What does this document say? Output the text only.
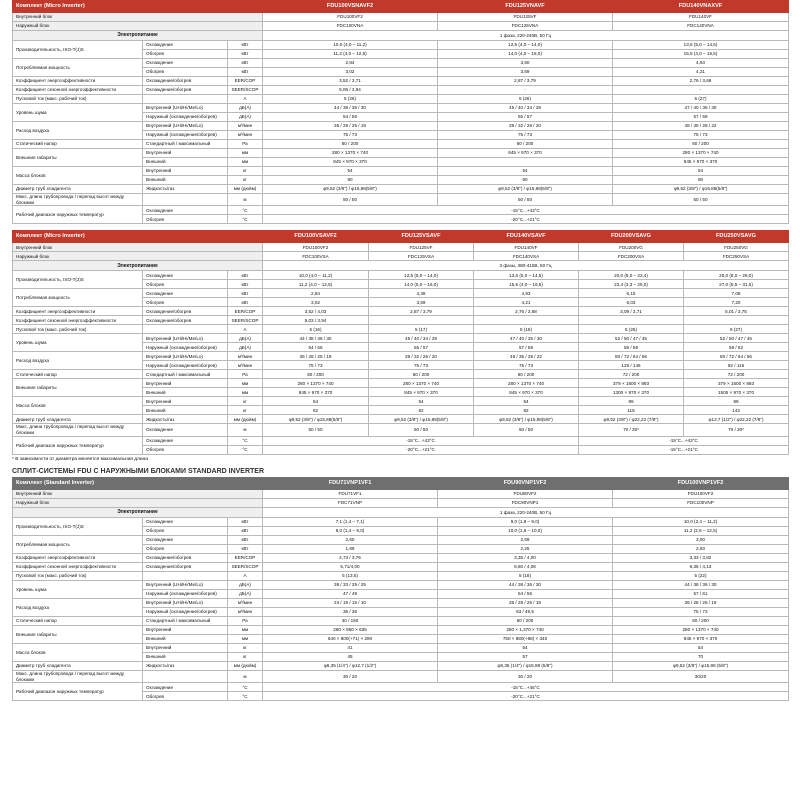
Комплект (Micro Inverter)			FDU100VSNAVF2	FDU125VNAVF	FDU140VNAXVF
Внутренний блок			FDU100VF2	FDU125VF	FDU140VF
Наружный блок			FDC100VNA	FDC125VNA	FDC140VNA
Электропитание			1 фаза, 220-240В, 50 Гц		
Производительность, ISO-T(J)S	Охлаждение	кВт	10,0 (4,0 – 11,2)	12,5 (4,0 – 14,0)	13,6 (5,0 – 14,5)
	Обогрев	кВт	11,2 (4,0 – 12,5)	14,0 (4,0 – 16,0)	15,5 (4,0 – 16,5)
Потребляемая мощность	Охлаждение	кВт	2,84	3,60	4,93
	Обогрев	кВт	3,02	3,69	4,21
Коэффициент энергоэффективности	Охлаждение/обогрев	EER/COP	3,52 / 3,71	2,87 / 3,79	2,76 / 3,68
Коэффициент сезонной энергоэффективности	Охлаждение/обогрев	SEER/SCOP	5,06 / 3,94	-	-
Пусковой ток (макс. рабочий ток)		А	5 (26)	5 (26)	5 (27)
Уровень шума	Внутренний (UHi/Hi/Me/Lo)	дБ(А)	44 / 38 / 36 / 30	45 / 40 / 34 / 29	47 / 40 / 35 / 30
	Наружный (охлаждение/обогрев)	дБ(А)	54 / 56	55 / 57	57 / 59
Расход воздуха	Внутренний (UHi/Hi/Me/Lo)	м³/мин	36 / 28 / 25 / 19	39 / 32 / 26 / 20	48 / 35 / 28 / 22
	Наружный (охлаждение/обогрев)	м³/мин	75 / 73	75 / 73	75 / 73
Статический напор	Стандартный / максимальный	Ра	60 / 200	60 / 200	60 / 200
Внешние габариты	Внутренний	мм	280 × 1370 × 740	845 × 970 × 370	280 × 1370 × 740
	Внешний	мм	845 × 970 × 370		845 × 970 × 370
Масса блоков	Внутренний	кг	54	54	54
	Внешний	кг	80	80	80
Диаметр труб хладагента	Жидкость/газ	мм (дюйм)	φ9,52 (3/8") / φ15,88(5/8")	φ9,52 (3/8") / φ15,88(5/8")	φ9,52 (3/8") / φ15,88(5/8")
Макс. длина трубопровода / перепад высот между блоками		м	50 / 50	50 / 50	50 / 50
Рабочий диапазон наружных температур	Охлаждение	°C	-15°C...+43°C		
	Обогрев	°C	-20°C...+21°C		
Комплект (Micro Inverter)			FDU100VSAVF2	FDU125VSAVF	FDU140VSAVF	FDU200VSAVG	FDU250VSAVG
Внутренний блок			FDU100VF2	FDU125VF	FDU140VF	FDU200VG	FDU250VG
Наружный блок			FDC100VSA	FDC125VSA	FDC140VSA	FDC200VSA	FDC250VSA
Электропитание			3 фазы, 380-415В, 50 Гц				
Производительность, ISO-T(J)S	Охлаждение	кВт	10,0 (4,0 – 11,2)	12,5 (5,0 – 14,0)	13,6 (5,0 – 14,5)	20,0 (8,0 – 22,4)	25,0 (8,0 – 28,0)
	Обогрев	кВт	11,2 (4,0 – 12,5)	14,0 (5,0 – 16,0)	15,5 (4,0 – 16,5)	22,4 (3,3 – 25,0)	27,0 (5,5 – 31,5)
Потребляемая мощность	Охлаждение	кВт	2,84	4,36	4,93	6,15	7,08
	Обогрев	кВт	3,02	3,69	4,21	6,03	7,20
Коэффициент энергоэффективности	Охлаждение/обогрев	EER/COP	3,52 / 4,03	2,87 / 3,79	2,76 / 3,68	3,09 / 3,71	5,01 / 3,75
Коэффициент сезонной энергоэффективности	Охлаждение/обогрев	SEER/SCOP	5,03 / 3,94				
Пусковой ток (макс. рабочий ток)		А	5 (16)	5 (17)	5 (18)	5 (25)	5 (27)
Уровень шума	Внутренний (UHi/Hi/Me/Lo)	дБ(А)	44 / 38 / 36 / 30	45 / 40 / 34 / 29	47 / 40 / 35 / 30	52 / 50 / 47 / 45	52 / 50 / 47 / 45
	Наружный (охлаждение/обогрев)	дБ(А)	54 / 56	55 / 57	57 / 59	58 / 59	59 / 62
Расход воздуха	Внутренний (UHi/Hi/Me/Lo)	м³/мин	36 / 28 / 25 / 19	39 / 32 / 26 / 20	48 / 35 / 28 / 22	80 / 72 / 64 / 56	80 / 72 / 64 / 56
	Наружный (охлаждение/обогрев)	м³/мин	75 / 73	75 / 73	75 / 73	128 / 146	92 / 115
Статический напор	Стандартный / максимальный	Ра	60 / 200	60 / 200	60 / 200	72 / 200	72 / 200
Внешние габариты	Внутренний	мм	280 × 1370 × 740	280 × 1370 × 740	280 × 1370 × 740	379 × 1600 × 893	379 × 1600 × 893
	Внешний	мм	845 × 970 × 370	845 × 970 × 370	845 × 970 × 370	1300 × 970 × 370	1505 × 970 × 370
Масса блоков	Внутренний	кг	54	54	54	89	89
	Внешний	кг	82	82	82	115	143
Диаметр труб хладагента	Жидкость/газ	мм (дюйм)	φ9,52 (3/8") / φ15,88(5/8")	φ9,52 (3/8") / φ15,88(5/8")	φ9,52 (3/8") / φ15,88(5/8")	φ9,52 (3/8") / φ22,22 (7/8")	φ12,7 (1/2") / φ22,22 (7/8")
Макс. длина трубопровода / перепад высот между блоками	Охлаждение	м	50 / 50	50 / 50	50 / 50	70 / 30*	70 / 30*
Рабочий диапазон наружных температур	Охлаждение	°C	-15°C...+43°C			-15°C...+43°C	
	Обогрев	°C	-20°C...+21°C			-15°C...+21°C	
* В зависимости от диаметра меняется максимальная длина
СПЛИТ-СИСТЕМЫ FDU С НАРУЖНЫМИ БЛОКАМИ STANDARD INVERTER
Комплект (Standard Inverter)			FDU71VNP1VF1	FDU90VNP1VF2	FDU100VNP1VF2
Внутренний блок			FDU71VF1	FDU80VF2	FDU100VF2
Наружный блок			FDC71VNP	FDC90VNP1	FDC100VNP
Электропитание			1 фаза, 220-240В, 50 Гц		
Производительность, ISO-T(J)S	Охлаждение	кВт	7,1 (1,4 – 7,1)	9,0 (1,9 – 9,0)	10,0 (2,4 – 11,2)
	Обогрев	кВт	8,0 (1,4 – 9,0)	10,0 (1,6 – 10,0)	11,2 (2,6 – 12,5)
Потребляемая мощность	Охлаждение	кВт	2,60	2,69	3,00
	Обогрев	кВт	1,89	2,25	2,93
Коэффициент энергоэффективности	Охлаждение/обогрев	EER/COP	2,73 / 3,76	3,35 / 4,00	3,33 / 3,82
Коэффициент сезонной энергоэффективности	Охлаждение/обогрев	SEER/SCOP	5,71/4,00	6,60 / 4,06	6,36 / 4,13
Пусковой ток (макс. рабочий ток)		А	5 (13,5)	5 (18)	5 (22)
Уровень шума	Внутренний (UHi/Hi/Me/Lo)	дБ(А)	38 / 33 / 29 / 25	44 / 38 / 36 / 30	44 / 38 / 36 / 30
	Наружный (охлаждение/обогрев)	дБ(А)	47 / 49	54 / 56	57 / 61
Расход воздуха	Внутренний (UHi/Hi/Me/Lo)	м³/мин	24 / 19 / 15 / 10	36 / 28 / 25 / 19	36 / 28 / 25 / 19
	Наружный (охлаждение/обогрев)	м³/мин	36 / 36	63 / 49,5	75 / 73
Статический напор	Стандартный / максимальный	Ра	40 / 150	60 / 200	60 / 200
Внешние габариты	Внутренний	мм	280 × 950 × 635	280 × 1,370 × 740	280 × 1370 × 740
	Внешний	мм	640 × 800(+71) × 290	750 × 880(+88) × 340	845 × 970 × 370
Масса блоков	Внутренний	кг	41	54	54
	Внешний	кг	45	57	70
Диаметр труб хладагента	Жидкость/газ	мм (дюйм)	φ6,35 (1/4") / φ12,7 (1/2")	φ6,35 (1/4") / φ15,88 (5/8")	φ9,52 (3/8") / φ15,88 (5/8")
Макс. длина трубопровода / перепад высот между блоками		м	30 / 20	30 / 20	30/20
Рабочий диапазон наружных температур	Охлаждение	°C	-15°C...+46°C		
	Обогрев	°C	-20°C...+21°C		
